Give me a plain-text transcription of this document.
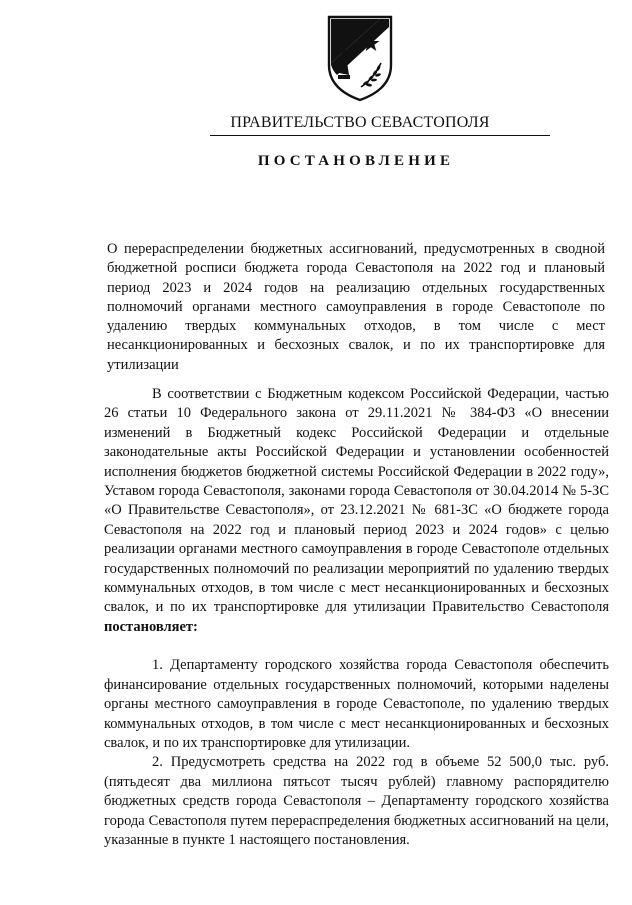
ПРАВИТЕЛЬСТВО СЕВАСТОПОЛЯ
ПОСТАНОВЛЕНИЕ
О перераспределении бюджетных ассигнований, предусмотренных в сводной бюджетной росписи бюджета города Севастополя на 2022 год и плановый период 2023 и 2024 годов на реализацию отдельных государственных полномочий органами местного самоуправления в городе Севастополе по удалению твердых коммунальных отходов, в том числе с мест несанкционированных и бесхозных свалок, и по их транспортировке для утилизации

В соответствии с Бюджетным кодексом Российской Федерации, частью 26 статьи 10 Федерального закона от 29.11.2021 № 384-ФЗ «О внесении изменений в Бюджетный кодекс Российской Федерации и отдельные законодательные акты Российской Федерации и установлении особенностей исполнения бюджетов бюджетной системы Российской Федерации в 2022 году», Уставом города Севастополя, законами города Севастополя от 30.04.2014 № 5-ЗС «О Правительстве Севастополя», от 23.12.2021 № 681-ЗС «О бюджете города Севастополя на 2022 год и плановый период 2023 и 2024 годов» с целью реализации органами местного самоуправления в городе Севастополе отдельных государственных полномочий по реализации мероприятий по удалению твердых коммунальных отходов, в том числе с мест несанкционированных и бесхозных свалок, и по их транспортировке для утилизации Правительство Севастополя постановляет:

1. Департаменту городского хозяйства города Севастополя обеспечить финансирование отдельных государственных полномочий, которыми наделены органы местного самоуправления в городе Севастополе, по удалению твердых коммунальных отходов, в том числе с мест несанкционированных и бесхозных свалок, и по их транспортировке для утилизации.

2. Предусмотреть средства на 2022 год в объеме 52 500,0 тыс. руб. (пятьдесят два миллиона пятьсот тысяч рублей) главному распорядителю бюджетных средств города Севастополя – Департаменту городского хозяйства города Севастополя путем перераспределения бюджетных ассигнований на цели, указанные в пункте 1 настоящего постановления.
